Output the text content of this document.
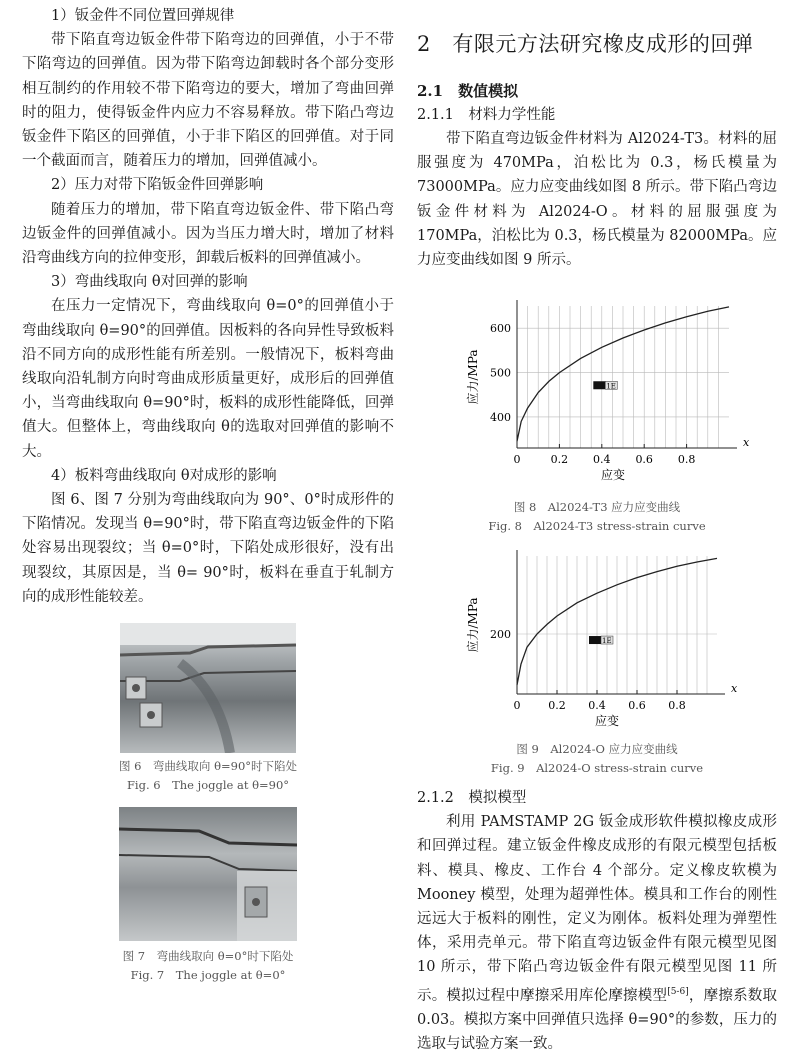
1）钣金件不同位置回弹规律

带下陷直弯边钣金件带下陷弯边的回弹值，小于不带下陷弯边的回弹值。因为带下陷弯边卸载时各个部分变形相互制约的作用较不带下陷弯边的要大，增加了弯曲回弹时的阻力，使得钣金件内应力不容易释放。带下陷凸弯边钣金件下陷区的回弹值，小于非下陷区的回弹值。对于同一个截面而言，随着压力的增加，回弹值减小。

2）压力对带下陷钣金件回弹影响

随着压力的增加，带下陷直弯边钣金件、带下陷凸弯边钣金件的回弹值减小。因为当压力增大时，增加了材料沿弯曲线方向的拉伸变形，卸载后板料的回弹值减小。

3）弯曲线取向 θ对回弹的影响

在压力一定情况下，弯曲线取向 θ=0°的回弹值小于弯曲线取向 θ=90°的回弹值。因板料的各向异性导致板料沿不同方向的成形性能有所差别。一般情况下，板料弯曲线取向沿轧制方向时弯曲成形质量更好，成形后的回弹值小，当弯曲线取向 θ=90°时，板料的成形性能降低，回弹值大。但整体上，弯曲线取向 θ的选取对回弹值的影响不大。

4）板料弯曲线取向 θ对成形的影响

图 6、图 7 分别为弯曲线取向为 90°、0°时成形件的下陷情况。发现当 θ=90°时，带下陷直弯边钣金件的下陷处容易出现裂纹；当 θ=0°时，下陷处成形很好，没有出现裂纹，其原因是，当 θ= 90°时，板料在垂直于轧制方向的成形性能较差。

图 6　弯曲线取向 θ=90°时下陷处
Fig. 6　The joggle at θ=90°
图 7　弯曲线取向 θ=0°时下陷处
Fig. 7　The joggle at θ=0°
2　有限元方法研究橡皮成形的回弹
2.1　数值模拟
2.1.1　材料力学性能

带下陷直弯边钣金件材料为 Al2024-T3。材料的屈服强度为 470MPa，泊松比为 0.3，杨氏模量为 73000MPa。应力应变曲线如图 8 所示。带下陷凸弯边钣金件材料为 Al2024-O。材料的屈服强度为 170MPa，泊松比为 0.3，杨氏模量为 82000MPa。应力应变曲线如图 9 所示。

400
500
600
0	0.2 0.4 0.6 0.8
x
应变
应力/MPa	1E
图 8　Al2024-T3 应力应变曲线
Fig. 8　Al2024-T3 stress-strain curve
200
0	0.2 0.4 0.6 0.8
x
应变
应力/MPa	1E
图 9　Al2024-O 应力应变曲线
Fig. 9　Al2024-O stress-strain curve
2.1.2　模拟模型

利用 PAMSTAMP 2G 钣金成形软件模拟橡皮成形和回弹过程。建立钣金件橡皮成形的有限元模型包括板料、模具、橡皮、工作台 4 个部分。定义橡皮软模为 Mooney 模型，处理为超弹性体。模具和工作台的刚性远远大于板料的刚性，定义为刚体。板料处理为弹塑性体，采用壳单元。带下陷直弯边钣金件有限元模型见图 10 所示，带下陷凸弯边钣金件有限元模型见图 11 所示。模拟过程中摩擦采用库伦摩擦模型[5-6]，摩擦系数取 0.03。模拟方案中回弹值只选择 θ=90°的参数，压力的选取与试验方案一致。
